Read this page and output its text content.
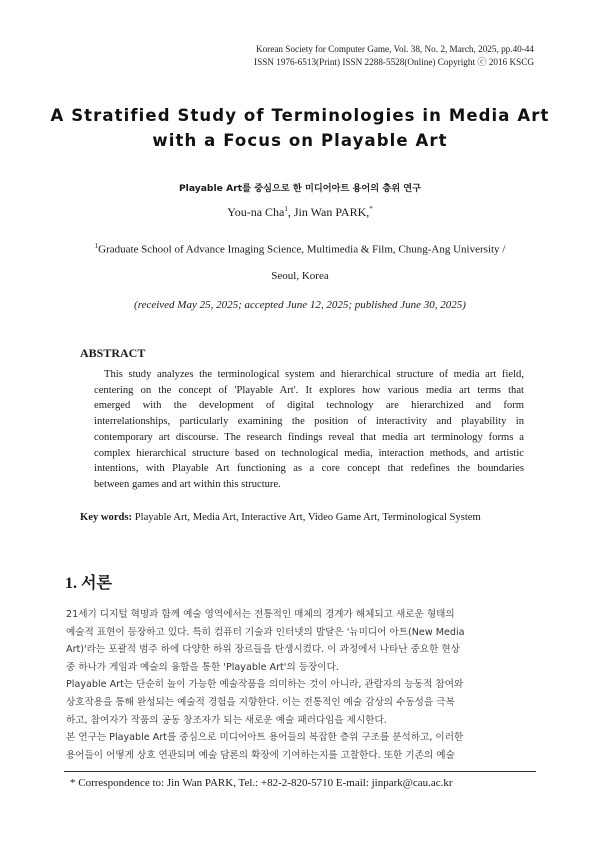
Korean Society for Computer Game, Vol. 38, No. 2, March, 2025, pp.40-44
ISSN 1976-6513(Print) ISSN 2288-5528(Online) Copyright ⓒ 2016 KSCG
A Stratified Study of Terminologies in Media Art
with a Focus on Playable Art
Playable Art를 중심으로 한 미디어아트 용어의 층위 연구
You-na Cha$^1$, Jin Wan PARK,*
$^1$Graduate School of Advance Imaging Science, Multimedia & Film, Chung-Ang University /
Seoul, Korea
(received May 25, 2025; accepted June 12, 2025; published June 30, 2025)
ABSTRACT
This study analyzes the terminological system and hierarchical structure of media art field,
centering on the concept of 'Playable Art'. It explores how various media art terms that
emerged with the development of digital technology are hierarchized and form
interrelationships, particularly examining the position of interactivity and playability in
contemporary art discourse. The research findings reveal that media art terminology forms a
complex hierarchical structure based on technological media, interaction methods, and artistic
intentions, with Playable Art functioning as a core concept that redefines the boundaries
between games and art within this structure.
Key words: Playable Art, Media Art, Interactive Art, Video Game Art, Terminological System
1. 서론
21세기 디지털 혁명과 함께 예술 영역에서는 전통적인 매체의 경계가 해체되고 새로운 형태의
예술적 표현이 등장하고 있다. 특히 컴퓨터 기술과 인터넷의 발달은 '뉴미디어 아트(New Media
Art)'라는 포괄적 범주 하에 다양한 하위 장르들을 탄생시켰다. 이 과정에서 나타난 중요한 현상
중 하나가 게임과 예술의 융합을 통한 'Playable Art'의 등장이다.
Playable Art는 단순히 놀이 가능한 예술작품을 의미하는 것이 아니라, 관람자의 능동적 참여와
상호작용을 통해 완성되는 예술적 경험을 지향한다. 이는 전통적인 예술 감상의 수동성을 극복
하고, 참여자가 작품의 공동 창조자가 되는 새로운 예술 패러다임을 제시한다.
본 연구는 Playable Art를 중심으로 미디어아트 용어들의 복잡한 층위 구조를 분석하고, 이러한
용어들이 어떻게 상호 연관되며 예술 담론의 확장에 기여하는지를 고찰한다. 또한 기존의 예술
* Correspondence to: Jin Wan PARK, Tel.: +82-2-820-5710 E-mail: jinpark@cau.ac.kr
